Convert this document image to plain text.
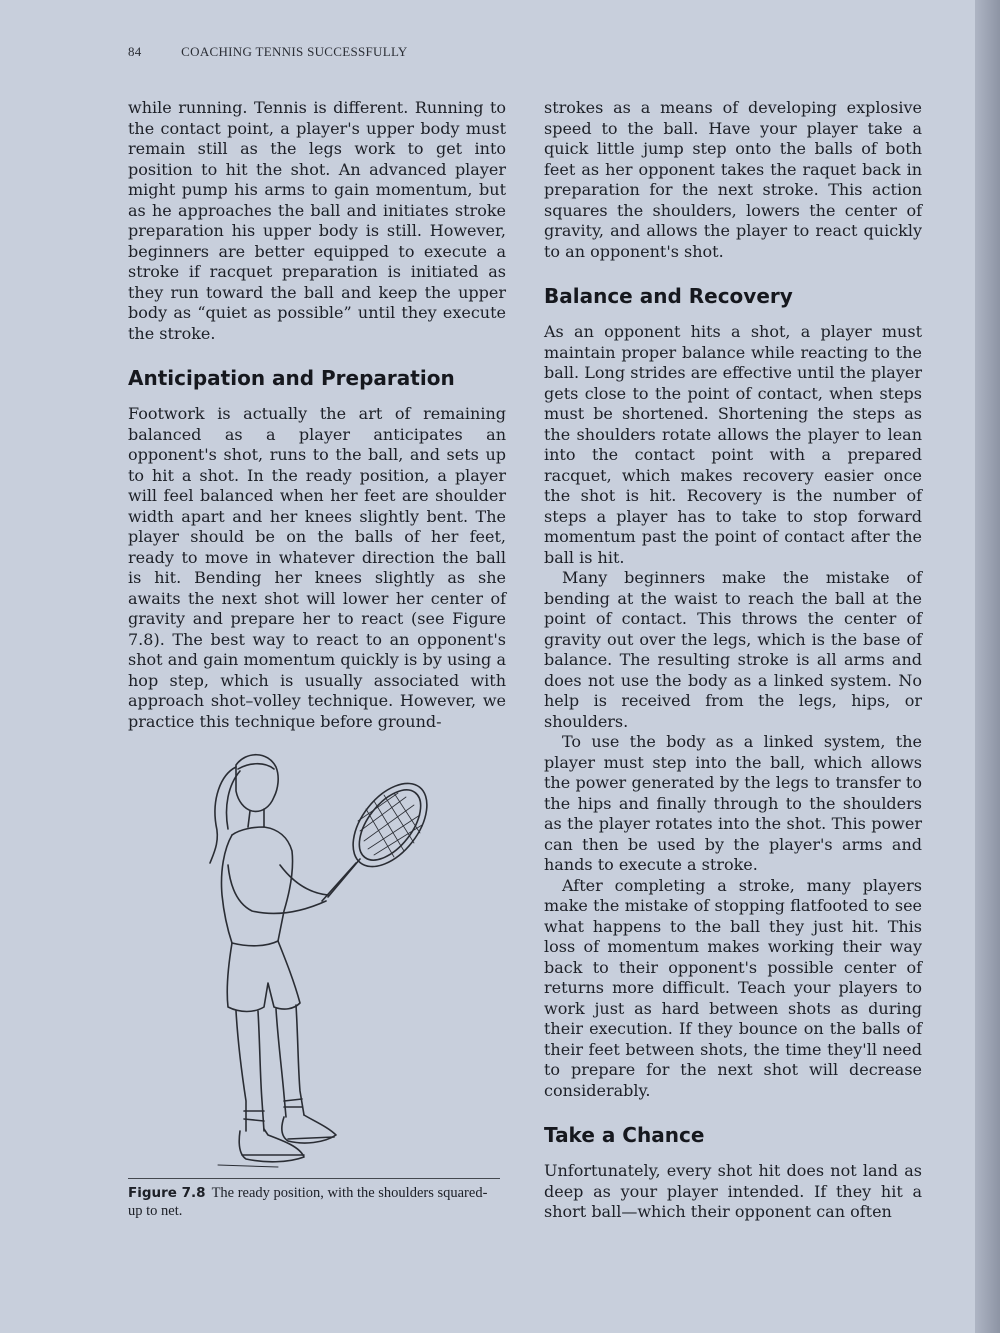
84	COACHING TENNIS SUCCESSFULLY

while running. Tennis is different. Running to the contact point, a player's upper body must remain still as the legs work to get into position to hit the shot. An advanced player might pump his arms to gain momentum, but as he approaches the ball and initiates stroke preparation his upper body is still. However, beginners are better equipped to execute a stroke if racquet preparation is initiated as they run toward the ball and keep the upper body as “quiet as possible” until they execute the stroke.

Anticipation and Preparation

Footwork is actually the art of remaining balanced as a player anticipates an opponent's shot, runs to the ball, and sets up to hit a shot. In the ready position, a player will feel balanced when her feet are shoulder width apart and her knees slightly bent. The player should be on the balls of her feet, ready to move in whatever direction the ball is hit. Bending her knees slightly as she awaits the next shot will lower her center of gravity and prepare her to react (see Figure 7.8). The best way to react to an opponent's shot and gain momentum quickly is by using a hop step, which is usually associated with approach shot–volley technique. However, we practice this technique before ground-

Figure 7.8 The ready position, with the shoulders squared-up to net.

strokes as a means of developing explosive speed to the ball. Have your player take a quick little jump step onto the balls of both feet as her opponent takes the raquet back in preparation for the next stroke. This action squares the shoulders, lowers the center of gravity, and allows the player to react quickly to an opponent's shot.

Balance and Recovery

As an opponent hits a shot, a player must maintain proper balance while reacting to the ball. Long strides are effective until the player gets close to the point of contact, when steps must be shortened. Shortening the steps as the shoulders rotate allows the player to lean into the contact point with a prepared racquet, which makes recovery easier once the shot is hit. Recovery is the number of steps a player has to take to stop forward momentum past the point of contact after the ball is hit.

Many beginners make the mistake of bending at the waist to reach the ball at the point of contact. This throws the center of gravity out over the legs, which is the base of balance. The resulting stroke is all arms and does not use the body as a linked system. No help is received from the legs, hips, or shoulders.

To use the body as a linked system, the player must step into the ball, which allows the power generated by the legs to transfer to the hips and finally through to the shoulders as the player rotates into the shot. This power can then be used by the player's arms and hands to execute a stroke.

After completing a stroke, many players make the mistake of stopping flatfooted to see what happens to the ball they just hit. This loss of momentum makes working their way back to their opponent's possible center of returns more difficult. Teach your players to work just as hard between shots as during their execution. If they bounce on the balls of their feet between shots, the time they'll need to prepare for the next shot will decrease considerably.

Take a Chance

Unfortunately, every shot hit does not land as deep as your player intended. If they hit a short ball—which their opponent can often
